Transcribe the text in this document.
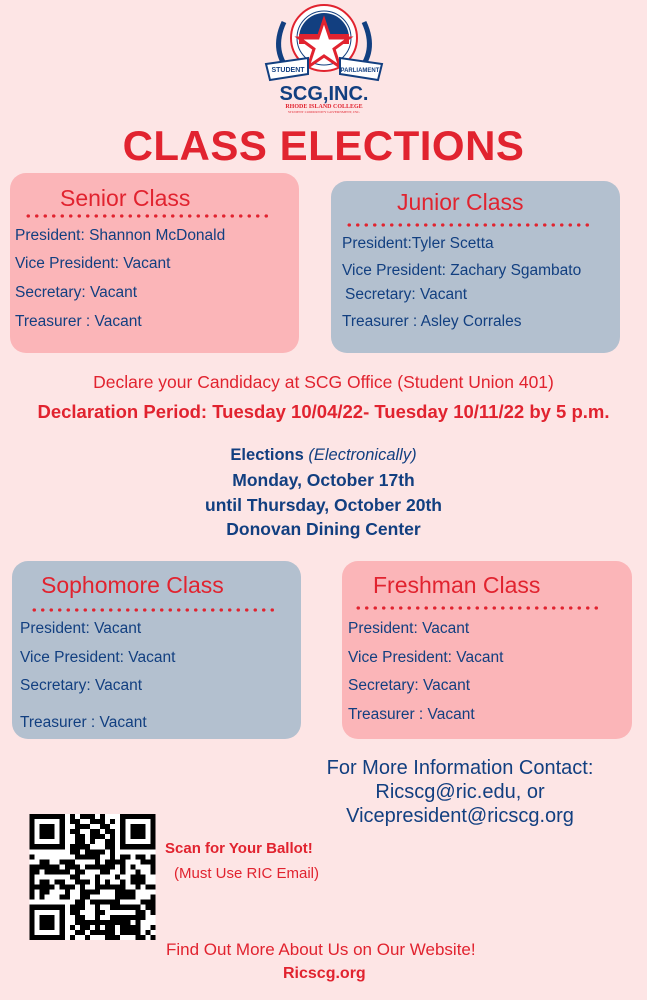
STUDENT	PARLIAMENT
SCG,INC.
RHODE ISLAND COLLEGE
STUDENT COMMUNITY GOVERNMENT, INC.
CLASS ELECTIONS
Senior Class
President: Shannon McDonald
Vice President: Vacant
Secretary: Vacant
Treasurer : Vacant
Junior Class
President:Tyler Scetta
Vice President: Zachary Sgambato
Secretary: Vacant
Treasurer : Asley Corrales
Declare your Candidacy at SCG Office (Student Union 401)
Declaration Period: Tuesday 10/04/22- Tuesday 10/11/22 by 5 p.m.
Elections (Electronically)
Monday, October 17th
until Thursday, October 20th
Donovan Dining Center
Sophomore Class
President: Vacant
Vice President: Vacant
Secretary: Vacant
Treasurer : Vacant
Freshman Class
President: Vacant
Vice President: Vacant
Secretary: Vacant
Treasurer : Vacant
For More Information Contact:
Ricscg@ric.edu, or
Vicepresident@ricscg.org
Scan for Your Ballot!
(Must Use RIC Email)
Find Out More About Us on Our Website!
Ricscg.org
